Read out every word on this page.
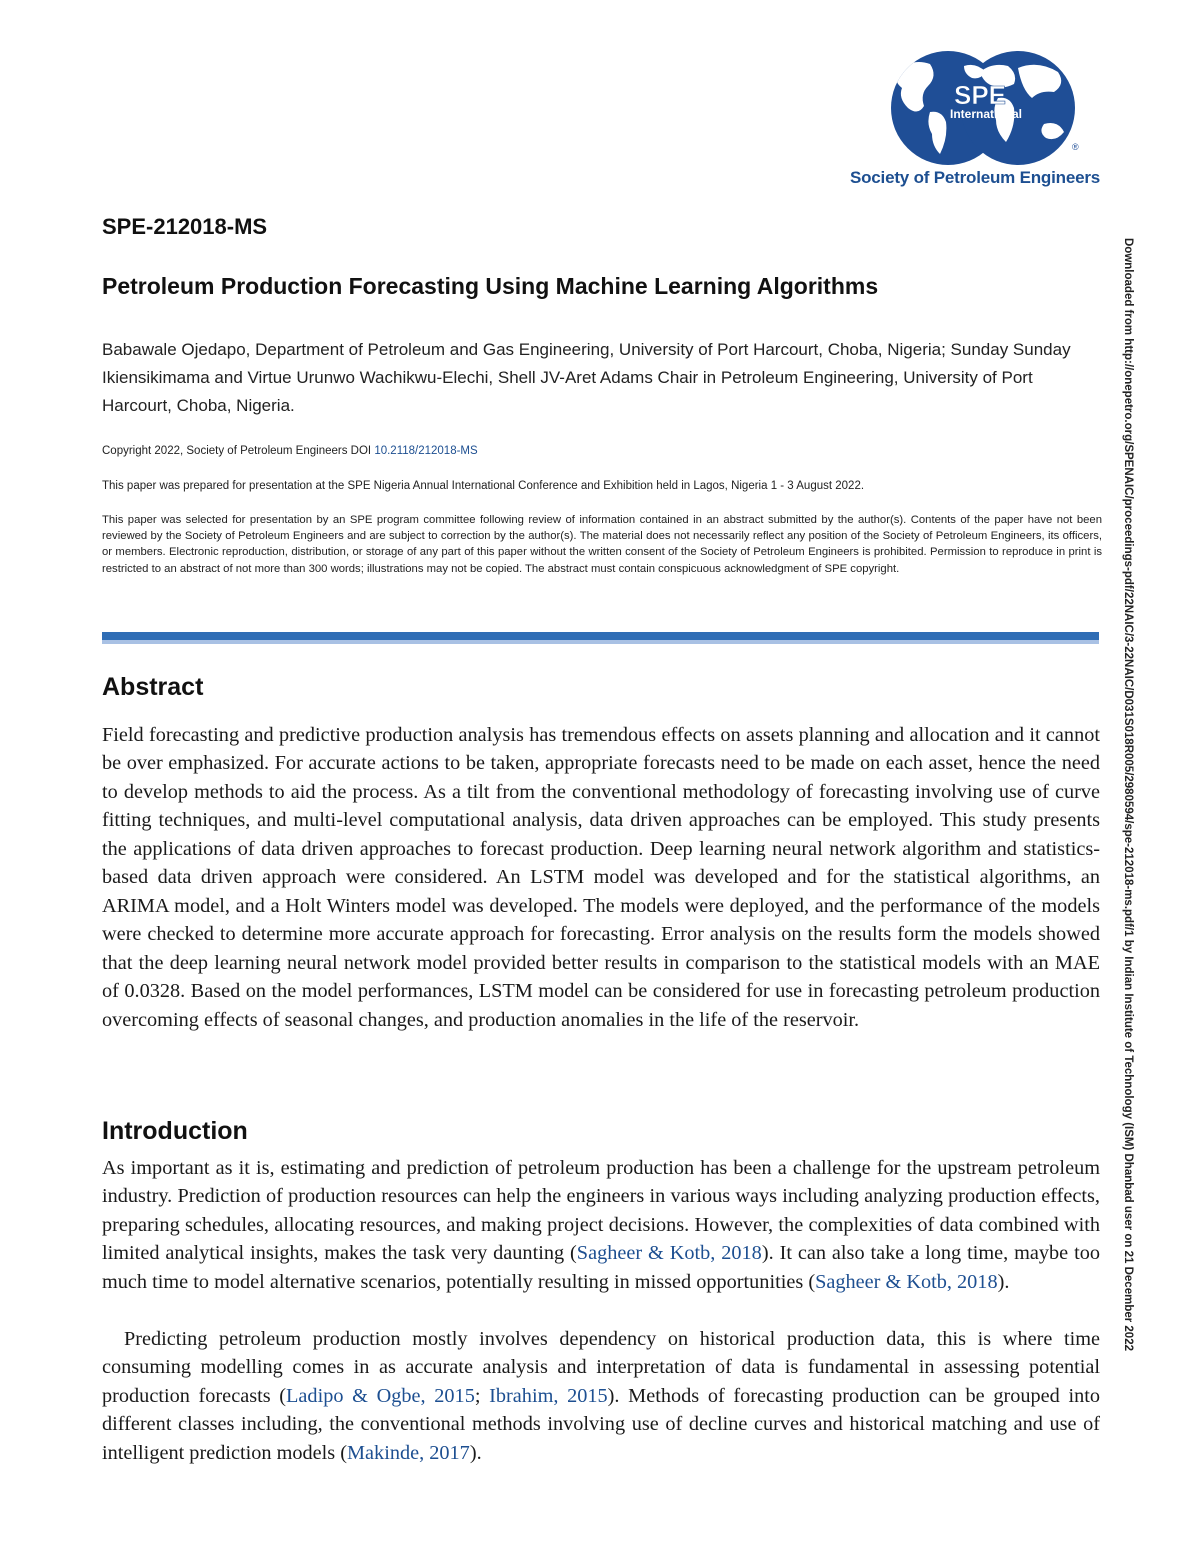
SPE
International
®
Society of Petroleum Engineers
SPE-212018-MS
Petroleum Production Forecasting Using Machine Learning Algorithms

Babawale Ojedapo, Department of Petroleum and Gas Engineering, University of Port Harcourt, Choba, Nigeria; Sunday Sunday Ikiensikimama and Virtue Urunwo Wachikwu-Elechi, Shell JV-Aret Adams Chair in Petroleum Engineering, University of Port Harcourt, Choba, Nigeria.

Copyright 2022, Society of Petroleum Engineers DOI 10.2118/212018-MS
This paper was prepared for presentation at the SPE Nigeria Annual International Conference and Exhibition held in Lagos, Nigeria 1 - 3 August 2022.

This paper was selected for presentation by an SPE program committee following review of information contained in an abstract submitted by the author(s). Contents of the paper have not been reviewed by the Society of Petroleum Engineers and are subject to correction by the author(s). The material does not necessarily reflect any position of the Society of Petroleum Engineers, its officers, or members. Electronic reproduction, distribution, or storage of any part of this paper without the written consent of the Society of Petroleum Engineers is prohibited. Permission to reproduce in print is restricted to an abstract of not more than 300 words; illustrations may not be copied. The abstract must contain conspicuous acknowledgment of SPE copyright.

Abstract

Field forecasting and predictive production analysis has tremendous effects on assets planning and allocation and it cannot be over emphasized. For accurate actions to be taken, appropriate forecasts need to be made on each asset, hence the need to develop methods to aid the process. As a tilt from the conventional methodology of forecasting involving use of curve fitting techniques, and multi-level computational analysis, data driven approaches can be employed. This study presents the applications of data driven approaches to forecast production. Deep learning neural network algorithm and statistics- based data driven approach were considered. An LSTM model was developed and for the statistical algorithms, an ARIMA model, and a Holt Winters model was developed. The models were deployed, and the performance of the models were checked to determine more accurate approach for forecasting. Error analysis on the results form the models showed that the deep learning neural network model provided better results in comparison to the statistical models with an MAE of 0.0328. Based on the model performances, LSTM model can be considered for use in forecasting petroleum production overcoming effects of seasonal changes, and production anomalies in the life of the reservoir.

Introduction

As important as it is, estimating and prediction of petroleum production has been a challenge for the upstream petroleum industry. Prediction of production resources can help the engineers in various ways including analyzing production effects, preparing schedules, allocating resources, and making project decisions. However, the complexities of data combined with limited analytical insights, makes the task very daunting (Sagheer & Kotb, 2018). It can also take a long time, maybe too much time to model alternative scenarios, potentially resulting in missed opportunities (Sagheer & Kotb, 2018).

Predicting petroleum production mostly involves dependency on historical production data, this is where time consuming modelling comes in as accurate analysis and interpretation of data is fundamental in assessing potential production forecasts (Ladipo & Ogbe, 2015; Ibrahim, 2015). Methods of forecasting production can be grouped into different classes including, the conventional methods involving use of decline curves and historical matching and use of intelligent prediction models (Makinde, 2017).

Downloaded from http://onepetro.org/SPENAIC/proceedings-pdf/22NAIC/3-22NAIC/D031S018R005/2980594/spe-212018-ms.pdf/1 by Indian Institute of Technology (ISM) Dhanbad user on 21 December 2022
